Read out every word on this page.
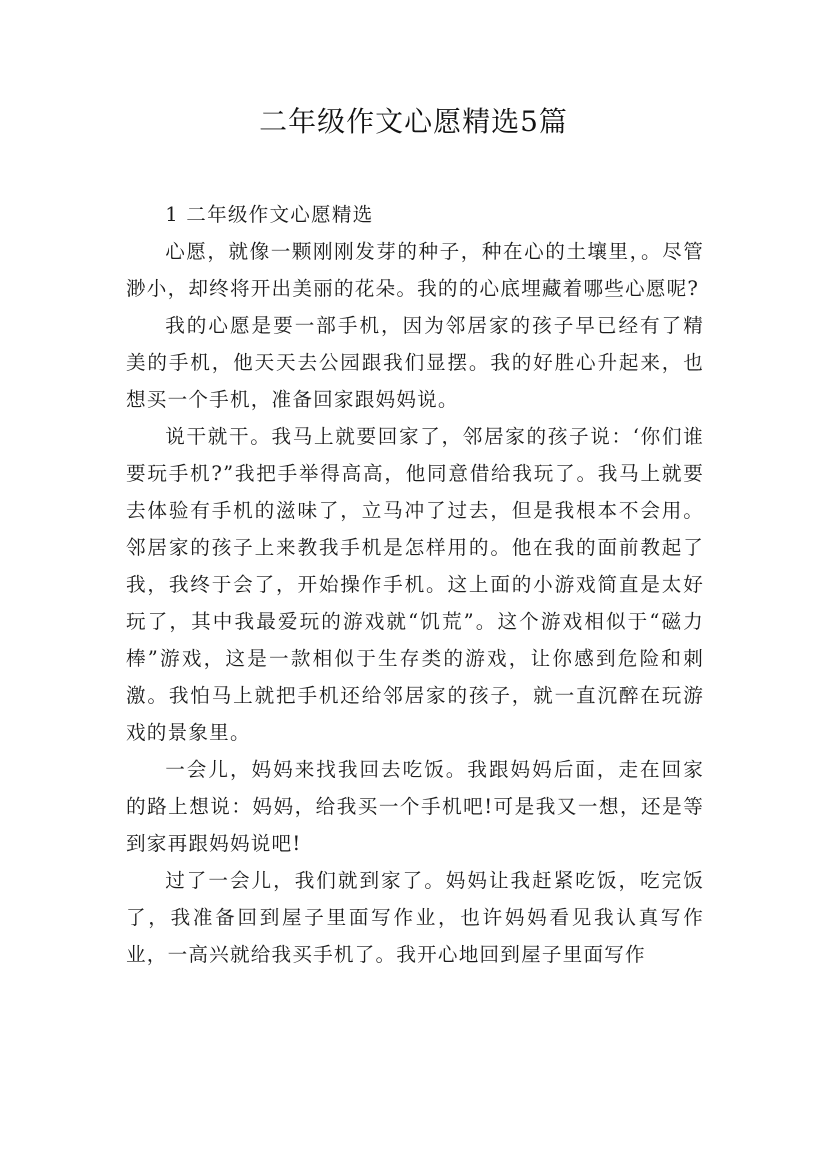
二年级作文心愿精选5篇

1 二年级作文心愿精选

心愿，就像一颗刚刚发芽的种子，种在心的土壤里，。尽管渺小，却终将开出美丽的花朵。我的的心底埋藏着哪些心愿呢?

我的心愿是要一部手机，因为邻居家的孩子早已经有了精美的手机，他天天去公园跟我们显摆。我的好胜心升起来，也想买一个手机，准备回家跟妈妈说。

说干就干。我马上就要回家了，邻居家的孩子说：‘你们谁要玩手机?”我把手举得高高，他同意借给我玩了。我马上就要去体验有手机的滋味了，立马冲了过去，但是我根本不会用。邻居家的孩子上来教我手机是怎样用的。他在我的面前教起了我，我终于会了，开始操作手机。这上面的小游戏简直是太好玩了，其中我最爱玩的游戏就“饥荒”。这个游戏相似于“磁力棒”游戏，这是一款相似于生存类的游戏，让你感到危险和刺激。我怕马上就把手机还给邻居家的孩子，就一直沉醉在玩游戏的景象里。

一会儿，妈妈来找我回去吃饭。我跟妈妈后面，走在回家的路上想说：妈妈，给我买一个手机吧!可是我又一想，还是等到家再跟妈妈说吧!

过了一会儿，我们就到家了。妈妈让我赶紧吃饭，吃完饭了，我准备回到屋子里面写作业，也许妈妈看见我认真写作业，一高兴就给我买手机了。我开心地回到屋子里面写作
